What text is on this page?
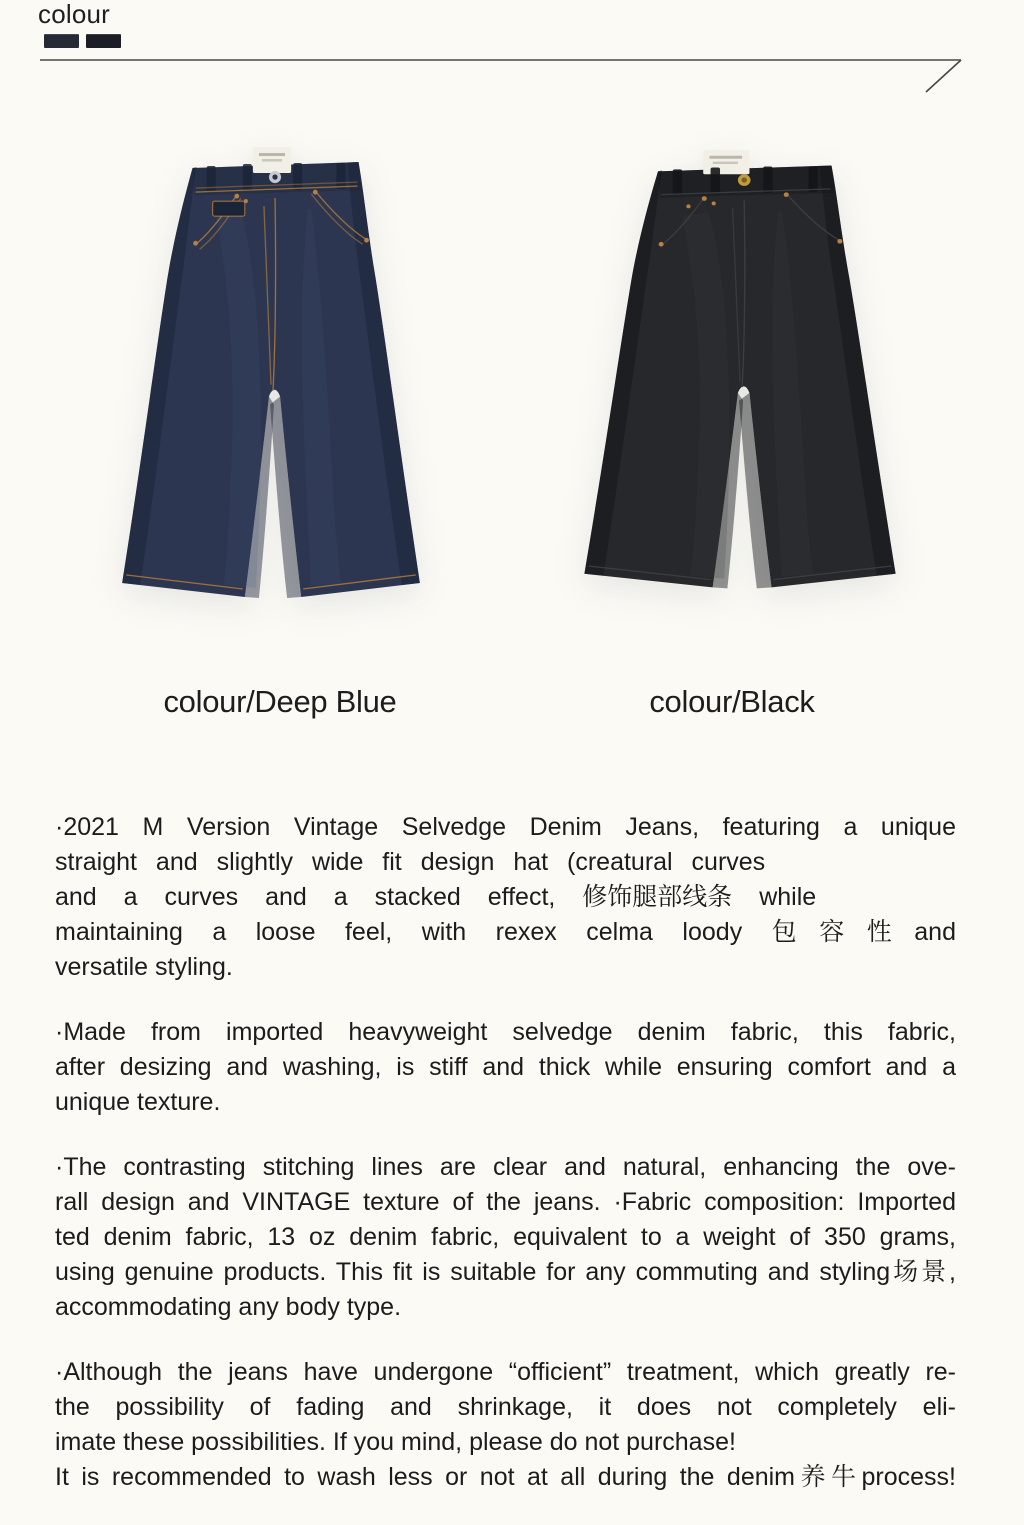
colour
colour/Deep Blue	colour/Black
·2021 M Version Vintage Selvedge Denim Jeans, featuring a unique
straight and slightly wide fit design hat (creatural curves
and a curves and a stacked effect, 修饰腿部线条 while
maintaining a loose feel, with rexex celma loody 包容性and
versatile styling.
·Made from imported heavyweight selvedge denim fabric, this fabric,
after desizing and washing, is stiff and thick while ensuring comfort and a
unique texture.
·The contrasting stitching lines are clear and natural, enhancing the ove-
rall design and VINTAGE texture of the jeans. ·Fabric composition: Imported
ted denim fabric, 13 oz denim fabric, equivalent to a weight of 350 grams,
using genuine products. This fit is suitable for any commuting and styling场景,
accommodating any body type.
·Although the jeans have undergone “officient” treatment, which greatly re-
the possibility of fading and shrinkage, it does not completely eli-
imate these possibilities. If you mind, please do not purchase!
It is recommended to wash less or not at all during the denim养牛process!
